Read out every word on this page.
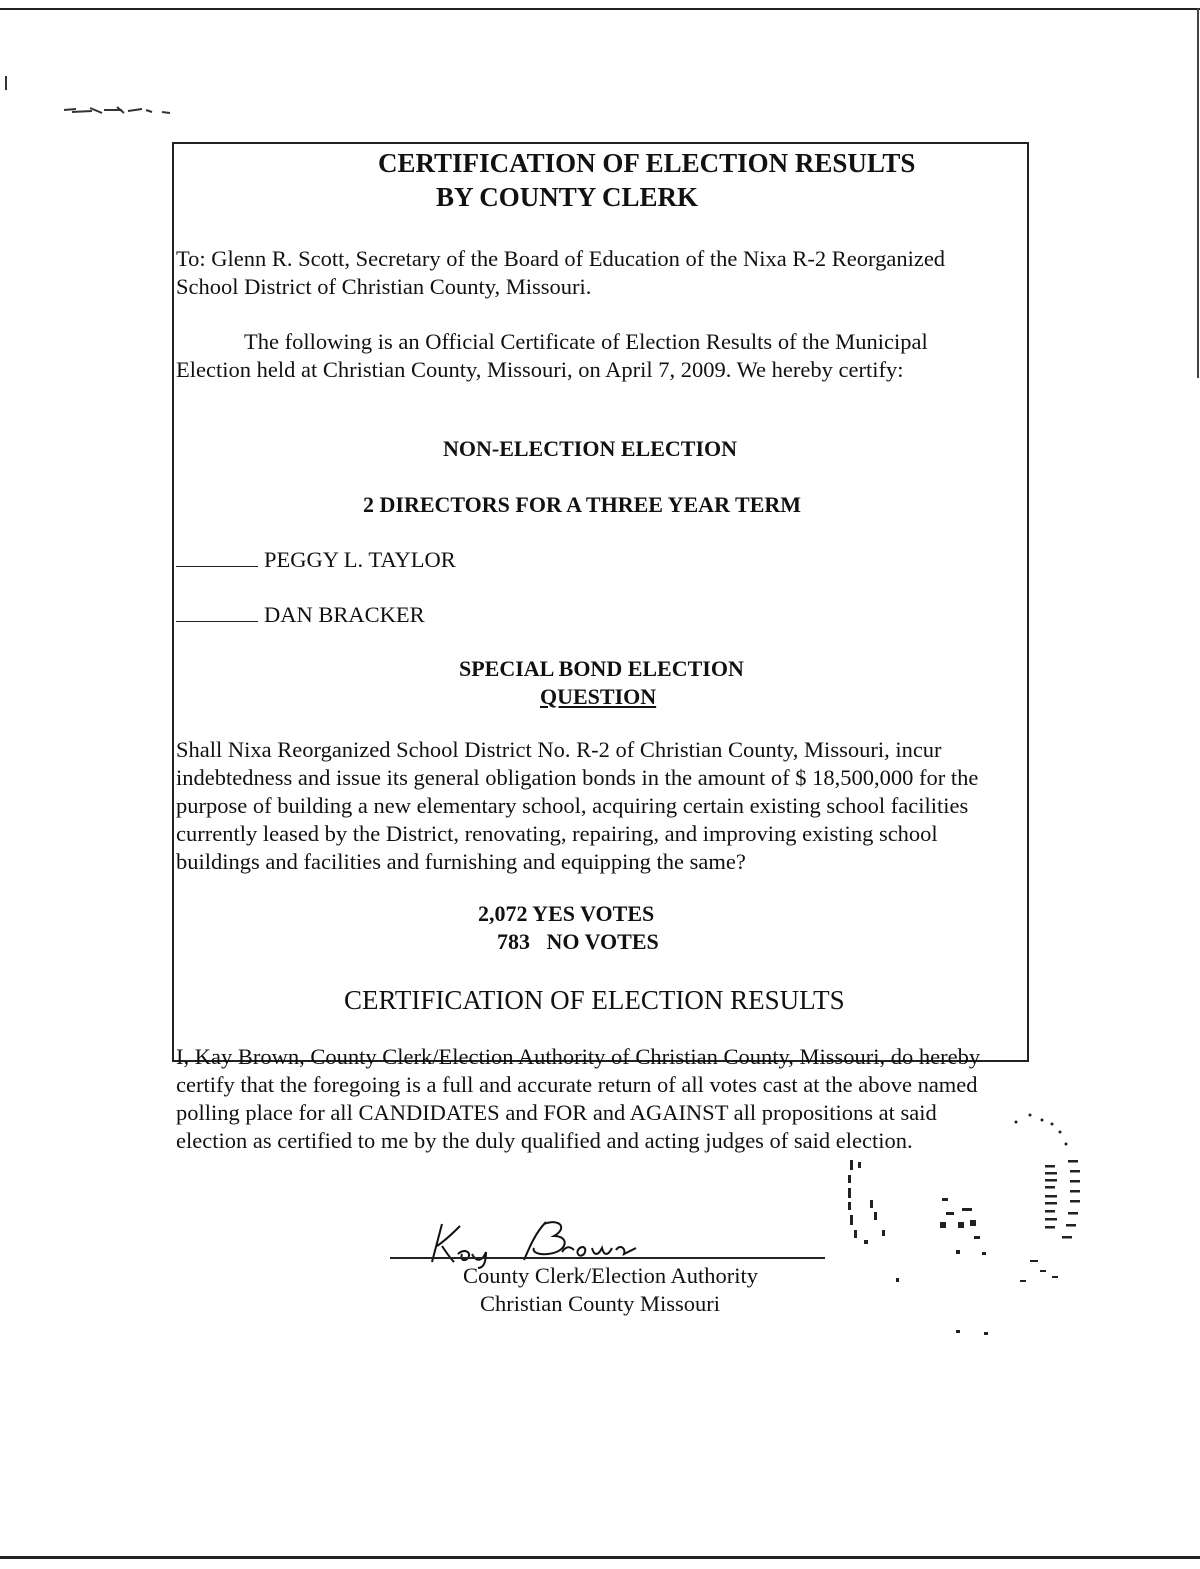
CERTIFICATION OF ELECTION RESULTS
BY COUNTY CLERK

To: Glenn R. Scott, Secretary of the Board of Education of the Nixa R-2 Reorganized

School District of Christian County, Missouri.

The following is an Official Certificate of Election Results of the Municipal

Election held at Christian County, Missouri, on April 7, 2009. We hereby certify:

NON-ELECTION ELECTION

2 DIRECTORS FOR A THREE YEAR TERM

PEGGY L. TAYLOR

DAN BRACKER

SPECIAL BOND ELECTION

QUESTION

Shall Nixa Reorganized School District No. R-2 of Christian County, Missouri, incur

indebtedness and issue its general obligation bonds in the amount of $ 18,500,000 for the

purpose of building a new elementary school, acquiring certain existing school facilities

currently leased by the District, renovating, repairing, and improving existing school

buildings and facilities and furnishing and equipping the same?

2,072 YES VOTES

783   NO VOTES

CERTIFICATION OF ELECTION RESULTS

I, Kay Brown, County Clerk/Election Authority of Christian County, Missouri, do hereby

certify that the foregoing is a full and accurate return of all votes cast at the above named

polling place for all CANDIDATES and FOR and AGAINST all propositions at said

election as certified to me by the duly qualified and acting judges of said election.

County Clerk/Election Authority

Christian County Missouri
